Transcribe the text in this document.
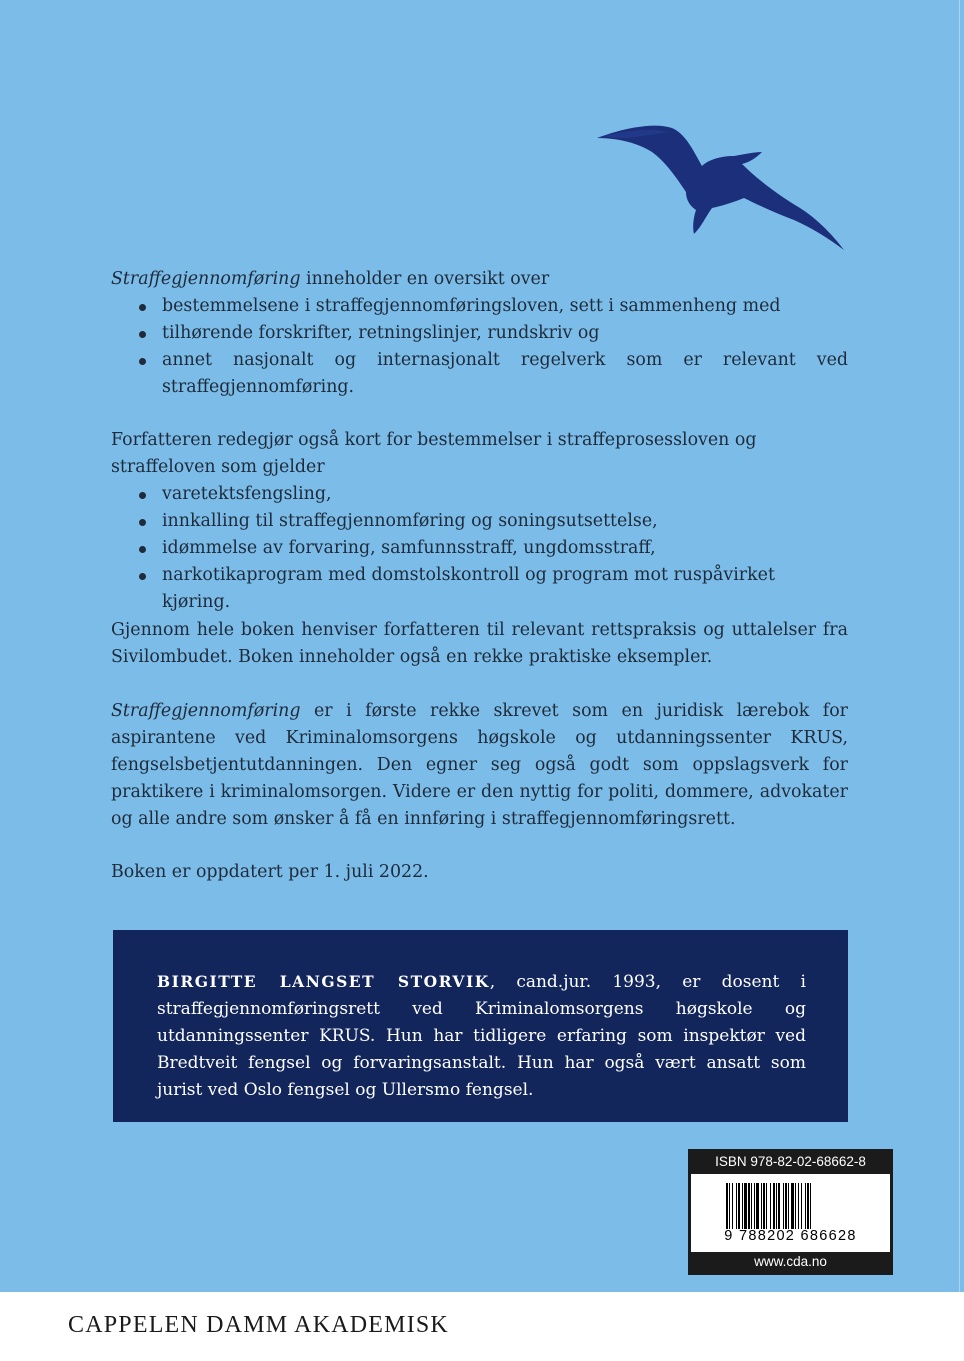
Straffegjennomføring inneholder en oversikt over

bestemmelsene i straffegjennomføringsloven, sett i sammenheng med
tilhørende forskrifter, retningslinjer, rundskriv og
annet nasjonalt og internasjonalt regelverk som er relevant ved straffegjennomføring.

Forfatteren redegjør også kort for bestemmelser i straffeprosessloven og straffeloven som gjelder

varetektsfengsling,
innkalling til straffegjennomføring og soningsutsettelse,
idømmelse av forvaring, samfunnsstraff, ungdomsstraff,
narkotikaprogram med domstolskontroll og program mot ruspåvirket kjøring.

Gjennom hele boken henviser forfatteren til relevant rettspraksis og uttalelser fra Sivilombudet. Boken inneholder også en rekke praktiske eksempler.

Straffegjennomføring er i første rekke skrevet som en juridisk lærebok for aspirantene ved Kriminalomsorgens høgskole og utdanningssenter KRUS, fengselsbetjentutdanningen. Den egner seg også godt som oppslagsverk for praktikere i kriminalomsorgen. Videre er den nyttig for politi, dommere, advokater og alle andre som ønsker å få en innføring i straffegjennomføringsrett.

Boken er oppdatert per 1. juli 2022.

BIRGITTE LANGSET STORVIK, cand.jur. 1993, er dosent i straffegjennomføringsrett ved Kriminalomsorgens høgskole og utdanningssenter KRUS. Hun har tidligere erfaring som inspektør ved Bredtveit fengsel og forvaringsanstalt. Hun har også vært ansatt som jurist ved Oslo fengsel og Ullersmo fengsel.
ISBN 978-82-02-68662-8
9 788202 686628
www.cda.no
CAPPELEN DAMM AKADEMISK
